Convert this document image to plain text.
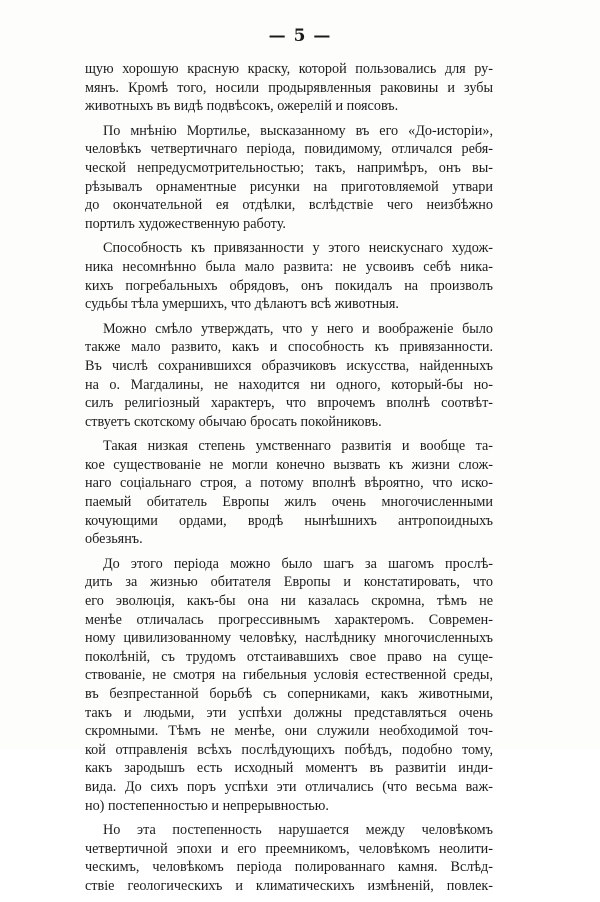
— 5 —
щую хорошую красную краску, которой пользовались для ру-
мянъ. Кромѣ того, носили продырявленныя раковины и зубы
животныхъ въ видѣ подвѣсокъ, ожерелій и поясовъ.
По мнѣнію Мортилье, высказанному въ его «До-исторіи»,
человѣкъ четвертичнаго періода, повидимому, отличался ребя-
ческой непредусмотрительностью; такъ, напримѣръ, онъ вы-
рѣзывалъ орнаментные рисунки на приготовляемой утвари
до окончательной ея отдѣлки, вслѣдствіе чего неизбѣжно
портилъ художественную работу.
Способность къ привязанности у этого неискуснаго худож-
ника несомнѣнно была мало развита: не усвоивъ себѣ ника-
кихъ погребальныхъ обрядовъ, онъ покидалъ на произволъ
судьбы тѣла умершихъ, что дѣлаютъ всѣ животныя.
Можно смѣло утверждать, что у него и воображеніе было
также мало развито, какъ и способность къ привязанности.
Въ числѣ сохранившихся образчиковъ искусства, найденныхъ
на о. Магдалины, не находится ни одного, который-бы но-
силъ религіозный характеръ, что впрочемъ вполнѣ соотвѣт-
ствуетъ скотскому обычаю бросать покойниковъ.
Такая низкая степень умственнаго развитія и вообще та-
кое существованіе не могли конечно вызвать къ жизни слож-
наго соціальнаго строя, а потому вполнѣ вѣроятно, что иско-
паемый обитатель Европы жилъ очень многочисленными
кочующими ордами, вродѣ нынѣшнихъ антропоидныхъ
обезьянъ.
До этого періода можно было шагъ за шагомъ прослѣ-
дить за жизнью обитателя Европы и констатировать, что
его эволюція, какъ-бы она ни казалась скромна, тѣмъ не
менѣе отличалась прогрессивнымъ характеромъ. Современ-
ному цивилизованному человѣку, наслѣднику многочисленныхъ
поколѣній, съ трудомъ отстаивавшихъ свое право на суще-
ствованіе, не смотря на гибельныя условія естественной среды,
въ безпрестанной борьбѣ съ соперниками, какъ животными,
такъ и людьми, эти успѣхи должны представляться очень
скромными. Тѣмъ не менѣе, они служили необходимой точ-
кой отправленія всѣхъ послѣдующихъ побѣдъ, подобно тому,
какъ зародышъ есть исходный моментъ въ развитіи инди-
вида. До сихъ поръ успѣхи эти отличались (что весьма важ-
но) постепенностью и непрерывностью.
Но эта постепенность нарушается между человѣкомъ
четвертичной эпохи и его преемникомъ, человѣкомъ неолити-
ческимъ, человѣкомъ періода полированнаго камня. Вслѣд-
ствіе геологическихъ и климатическихъ измѣненій, повлек-
